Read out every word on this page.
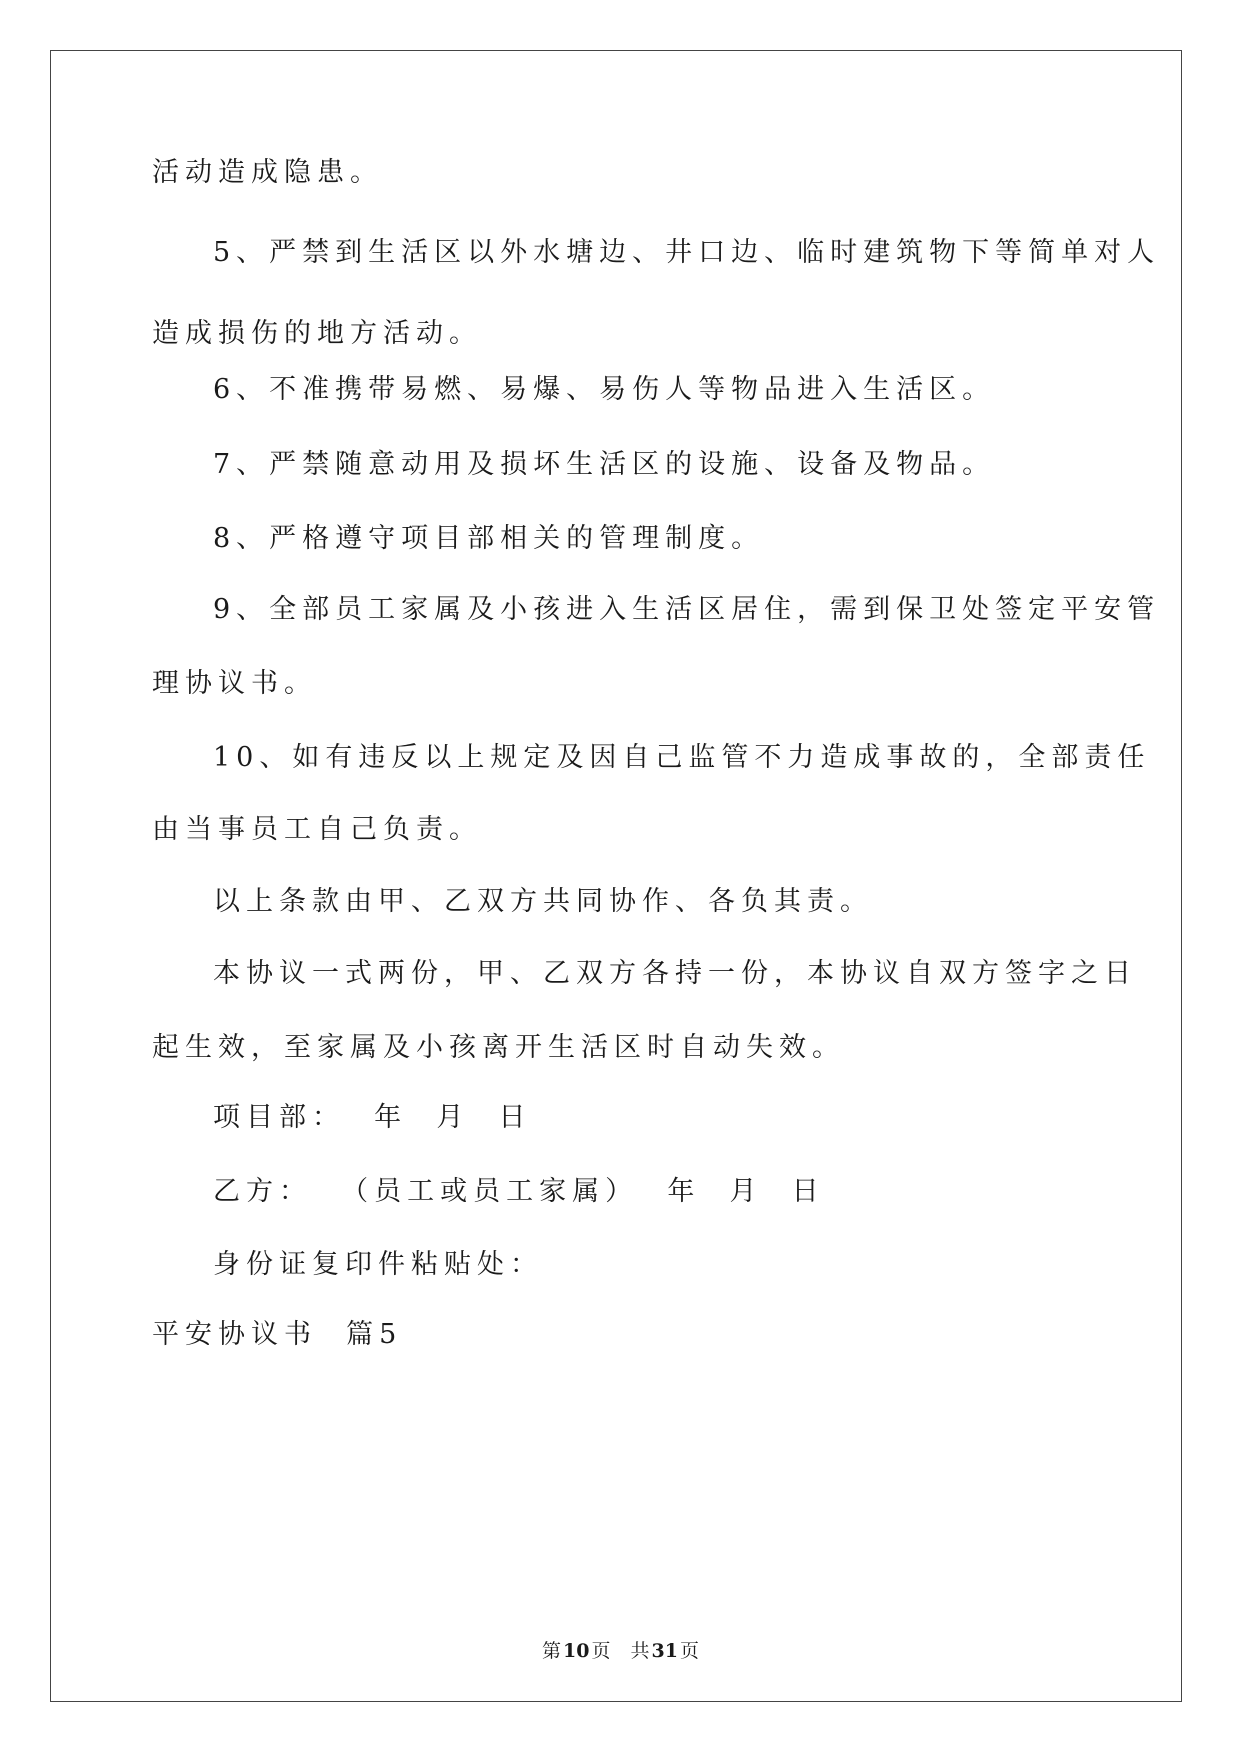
活动造成隐患。
5、严禁到生活区以外水塘边、井口边、临时建筑物下等简单对人
造成损伤的地方活动。
6、不准携带易燃、易爆、易伤人等物品进入生活区。
7、严禁随意动用及损坏生活区的设施、设备及物品。
8、严格遵守项目部相关的管理制度。
9、全部员工家属及小孩进入生活区居住，需到保卫处签定平安管
理协议书。
10、如有违反以上规定及因自己监管不力造成事故的，全部责任
由当事员工自己负责。
以上条款由甲、乙双方共同协作、各负其责。
本协议一式两份，甲、乙双方各持一份，本协议自双方签字之日
起生效，至家属及小孩离开生活区时自动失效。
项目部：  年  月  日
乙方：  （员工或员工家属）  年  月  日
身份证复印件粘贴处：
平安协议书  篇5
第 10 页 共 31 页
